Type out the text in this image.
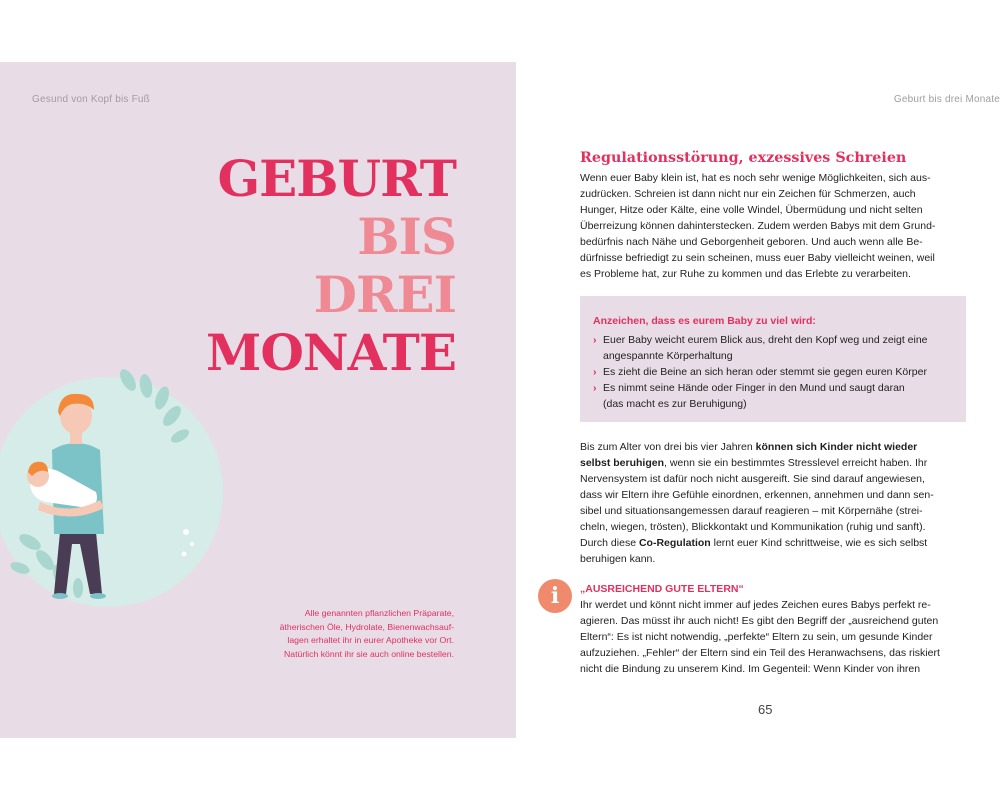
Gesund von Kopf bis Fuß
GEBURT
BIS
DREI
MONATE

Alle genannten pflanzlichen Präparate,

ätherischen Öle, Hydrolate, Bienenwachsauf-

lagen erhaltet ihr in eurer Apotheke vor Ort.

Natürlich könnt ihr sie auch online bestellen.

Geburt bis drei Monate
Regulationsstörung, exzessives Schreien

Wenn euer Baby klein ist, hat es noch sehr wenige Möglichkeiten, sich aus-

zudrücken. Schreien ist dann nicht nur ein Zeichen für Schmerzen, auch

Hunger, Hitze oder Kälte, eine volle Windel, Übermüdung und nicht selten

Überreizung können dahinterstecken. Zudem werden Babys mit dem Grund-

bedürfnis nach Nähe und Geborgenheit geboren. Und auch wenn alle Be-

dürfnisse befriedigt zu sein scheinen, muss euer Baby vielleicht weinen, weil

es Probleme hat, zur Ruhe zu kommen und das Erlebte zu verarbeiten.

Anzeichen, dass es eurem Baby zu viel wird:

› Euer Baby weicht eurem Blick aus, dreht den Kopf weg und zeigt eine

angespannte Körperhaltung

› Es zieht die Beine an sich heran oder stemmt sie gegen euren Körper

› Es nimmt seine Hände oder Finger in den Mund und saugt daran

(das macht es zur Beruhigung)

Bis zum Alter von drei bis vier Jahren können sich Kinder nicht wieder

selbst beruhigen, wenn sie ein bestimmtes Stresslevel erreicht haben. Ihr

Nervensystem ist dafür noch nicht ausgereift. Sie sind darauf angewiesen,

dass wir Eltern ihre Gefühle einordnen, erkennen, annehmen und dann sen-

sibel und situationsangemessen darauf reagieren – mit Körpernähe (strei-

cheln, wiegen, trösten), Blickkontakt und Kommunikation (ruhig und sanft).

Durch diese Co-Regulation lernt euer Kind schrittweise, wie es sich selbst

beruhigen kann.

i	„AUSREICHEND GUTE ELTERN“

Ihr werdet und könnt nicht immer auf jedes Zeichen eures Babys perfekt re-

agieren. Das müsst ihr auch nicht! Es gibt den Begriff der „ausreichend guten

Eltern“: Es ist nicht notwendig, „perfekte“ Eltern zu sein, um gesunde Kinder

aufzuziehen. „Fehler“ der Eltern sind ein Teil des Heranwachsens, das riskiert

nicht die Bindung zu unserem Kind. Im Gegenteil: Wenn Kinder von ihren

65
